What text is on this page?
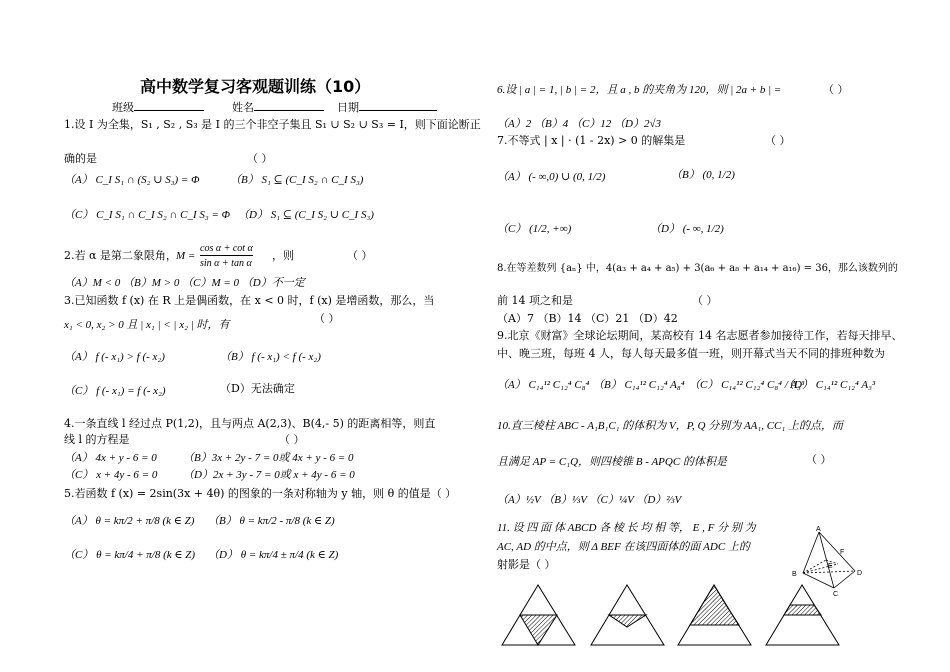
高中数学复习客观题训练（10）
班级	姓名	日期
1.设 I 为全集，S₁ , S₂ , S₃ 是 I 的三个非空子集且 S₁ ∪ S₂ ∪ S₃ = I，则下面论断正
确的是	（ ）
（A） C_I S₁ ∩ (S₂ ∪ S₃) = Φ	（B） S₁ ⊆ (C_I S₂ ∩ C_I S₃)
（C） C_I S₁ ∩ C_I S₂ ∩ C_I S₃ = Φ （D） S₁ ⊆ (C_I S₂ ∪ C_I S₃)
2.若 α 是第二象限角， M =
cos α + cot α
sin α + tan α
，则	（ ）
（A）M < 0 （B）M > 0 （C）M = 0 （D）不一定
3.已知函数 f (x) 在 R 上是偶函数，在 x < 0 时，f (x) 是增函数，那么，当
x₁ < 0, x₂ > 0 且 | x₁ | < | x₂ | 时，有	（ ）
（A） f (- x₁) > f (- x₂)	（B） f (- x₁) < f (- x₂)
（C） f (- x₁) = f (- x₂)	（D）无法确定
4.一条直线 l 经过点 P(1,2)，且与两点 A(2,3)、B(4,- 5) 的距离相等，则直
线 l 的方程是	（ ）
（A） 4x + y - 6 = 0 （B）3x + 2y - 7 = 0或 4x + y - 6 = 0
（C） x + 4y - 6 = 0 （D）2x + 3y - 7 = 0或 x + 4y - 6 = 0
5.若函数 f (x) = 2sin(3x + 4θ) 的图象的一条对称轴为 y 轴，则 θ 的值是（ ）
（A） θ = kπ/2 + π/8 (k ∈ Z) （B） θ = kπ/2 - π/8 (k ∈ Z)
（C） θ = kπ/4 + π/8 (k ∈ Z) （D） θ = kπ/4 ± π/4 (k ∈ Z)
6.设 | a | = 1, | b | = 2，且 a , b 的夹角为 120，则 | 2a + b | =	（ ）
（A）2 （B）4 （C）12 （D）2√3
7.不等式 | x | · (1 - 2x) > 0 的解集是	（ ）
（A） (- ∞,0) ∪ (0, 1/2)	（B） (0, 1/2)
（C） (1/2, +∞)	（D） (- ∞, 1/2)
8.在等差数列 {aₙ} 中，4(a₃ + a₄ + a₅) + 3(a₆ + a₈ + a₁₄ + a₁₆) = 36，那么该数列的
前 14 项之和是	（ ）
（A）7 （B）14 （C）21 （D）42
9.北京《财富》全球论坛期间，某高校有 14 名志愿者参加接待工作，若每天排早、
中、晚三班，每班 4 人，每人每天最多值一班，则开幕式当天不同的排班种数为
（A） C₁₄¹² C₁₂⁴ C₈⁴ （B） C₁₄¹² C₁₂⁴ A₈⁴ （C） C₁₄¹² C₁₂⁴ C₈⁴ / A₃³
（D） C₁₄¹² C₁₂⁴ A₃³
10.直三棱柱 ABC - A₁B₁C₁ 的体积为 V，P, Q 分别为 AA₁, CC₁ 上的点，而
且满足 AP = C₁Q，则四棱锥 B - APQC 的体积是	（ ）
（A）½V （B）⅓V （C）¼V （D）⅔V
11. 设 四 面 体 ABCD 各 棱 长 均 相 等， E , F 分 别 为
AC, AD 的中点，则 Δ BEF 在该四面体的面 ADC 上的
射影是（ ）
A
B
C
D
E
F
